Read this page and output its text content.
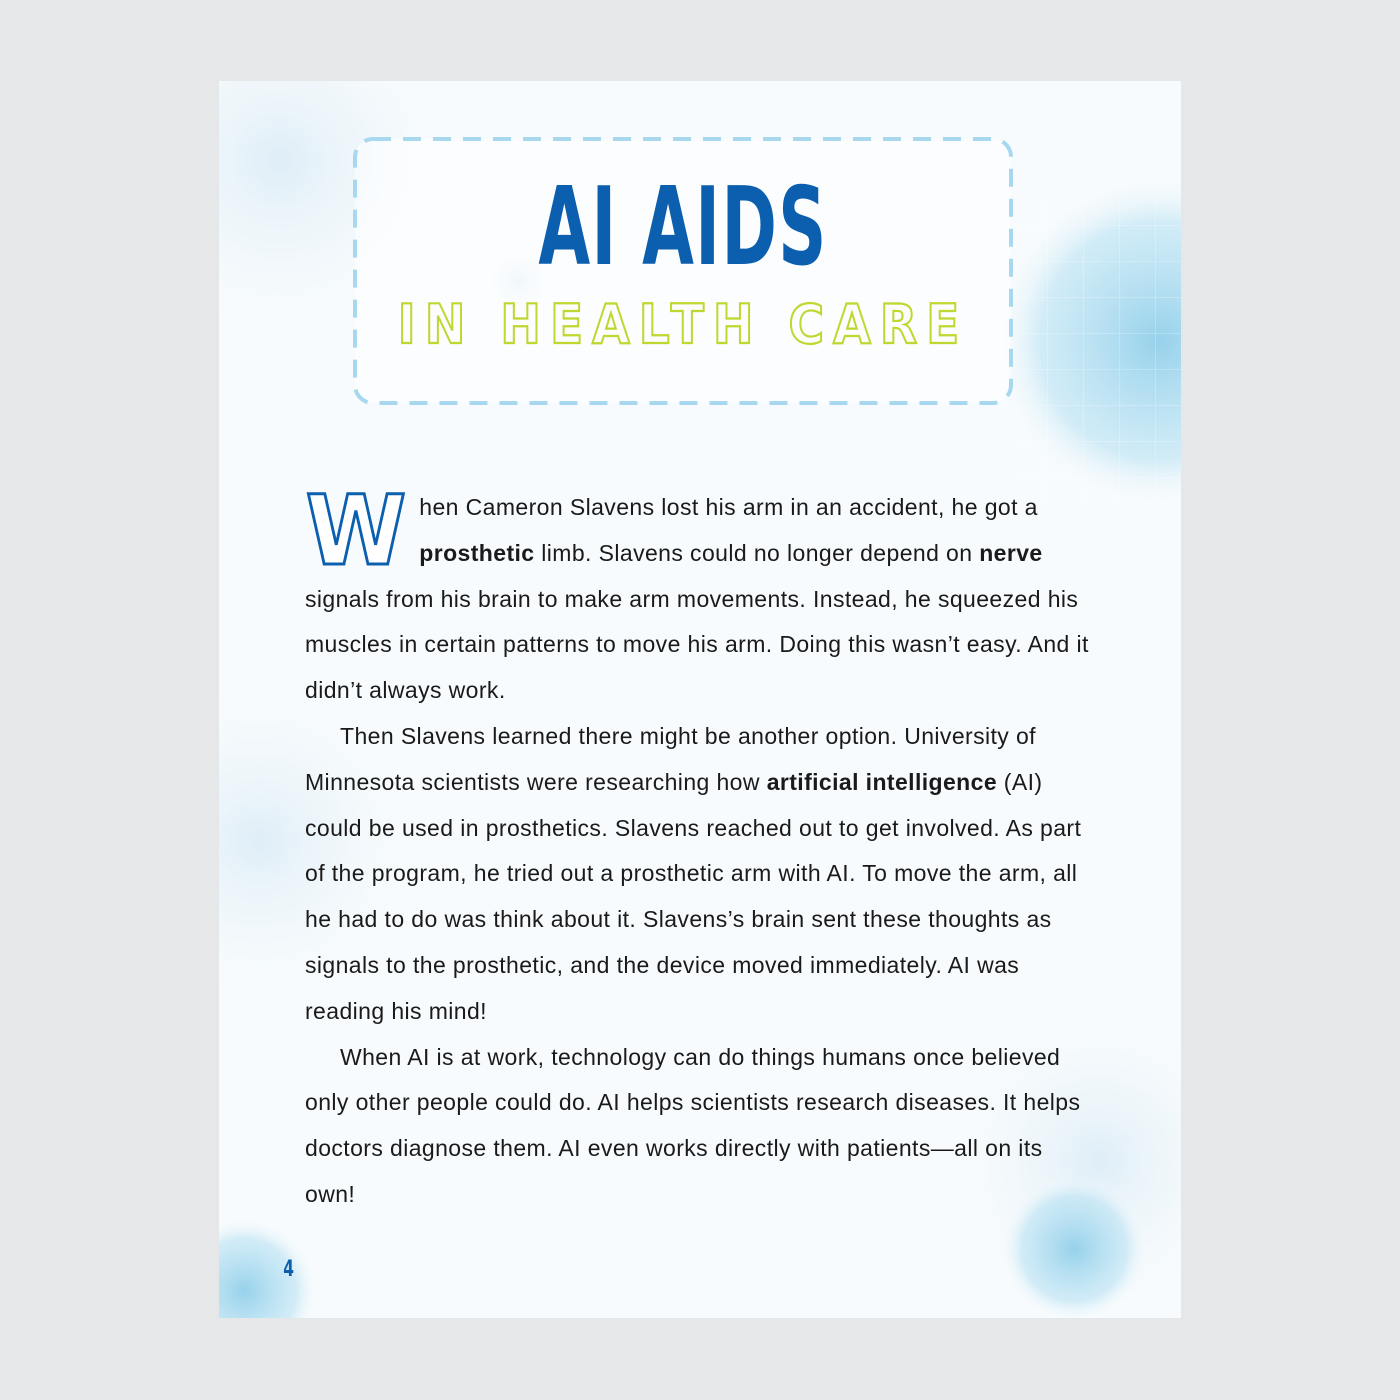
AI AIDS
IN HEALTH CARE

When Cameron Slavens lost his arm in an accident, he got a prosthetic limb. Slavens could no longer depend on nerve signals from his brain to make arm movements. Instead, he squeezed his muscles in certain patterns to move his arm. Doing this wasn’t easy. And it didn’t always work.

Then Slavens learned there might be another option. University of Minnesota scientists were researching how artificial intelligence (AI) could be used in prosthetics. Slavens reached out to get involved. As part of the program, he tried out a prosthetic arm with AI. To move the arm, all he had to do was think about it. Slavens’s brain sent these thoughts as signals to the prosthetic, and the device moved immediately. AI was reading his mind!

When AI is at work, technology can do things humans once believed only other people could do. AI helps scientists research diseases. It helps doctors diagnose them. AI even works directly with patients—all on its own!

4
